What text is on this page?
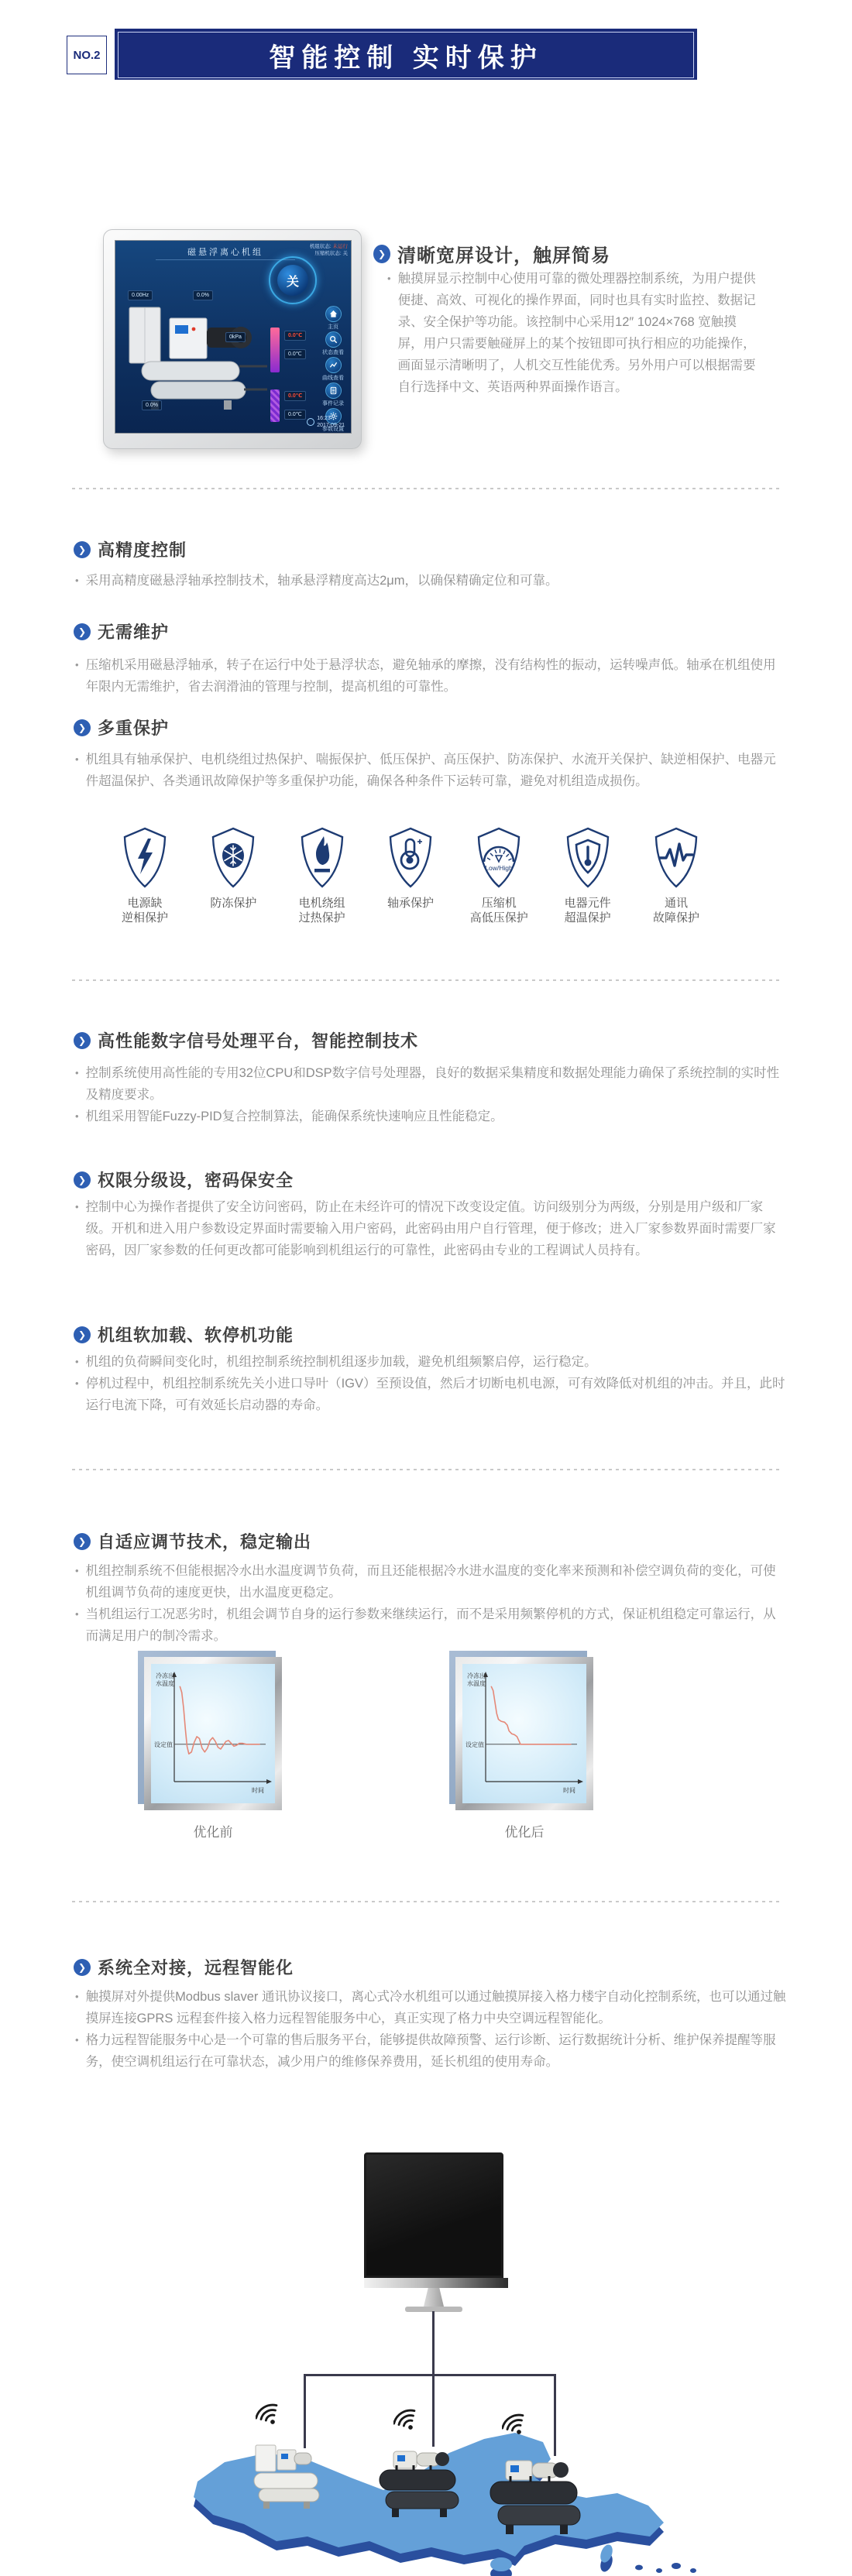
NO.2	智能控制 实时保护
磁悬浮离心机组
机组状态: 未运行
压缩机状态: 关
关
0.00Hz	0.0%
0kPa
0.0%
0.0℃
0.0℃
0.0℃
0.0℃
主页
状态查看
曲线查看
事件记录
参数设置
16:23
2017-09-21
❯ 清晰宽屏设计，触屏简易
• 触摸屏显示控制中心使用可靠的微处理器控制系统，为用户提供便捷、高效、可视化的操作界面，同时也具有实时监控、数据记录、安全保护等功能。该控制中心采用12″ 1024×768 宽触摸屏，用户只需要触碰屏上的某个按钮即可执行相应的功能操作，画面显示清晰明了，人机交互性能优秀。另外用户可以根据需要自行选择中文、英语两种界面操作语言。
❯ 高精度控制
• 采用高精度磁悬浮轴承控制技术，轴承悬浮精度高达2μm，以确保精确定位和可靠。
❯ 无需维护
• 压缩机采用磁悬浮轴承，转子在运行中处于悬浮状态，避免轴承的摩擦，没有结构性的振动，运转噪声低。轴承在机组使用年限内无需维护，省去润滑油的管理与控制，提高机组的可靠性。
❯ 多重保护
• 机组具有轴承保护、电机绕组过热保护、喘振保护、低压保护、高压保护、防冻保护、水流开关保护、缺逆相保护、电器元件超温保护、各类通讯故障保护等多重保护功能，确保各种条件下运转可靠，避免对机组造成损伤。
电源缺
逆相保护
防冻保护	电机绕组
过热保护
轴承保护
Low/High
压缩机
高低压保护
电器元件
超温保护
通讯
故障保护
❯ 高性能数字信号处理平台，智能控制技术
• 控制系统使用高性能的专用32位CPU和DSP数字信号处理器，良好的数据采集精度和数据处理能力确保了系统控制的实时性及精度要求。
• 机组采用智能Fuzzy-PID复合控制算法，能确保系统快速响应且性能稳定。
❯ 权限分级设，密码保安全
• 控制中心为操作者提供了安全访问密码，防止在未经许可的情况下改变设定值。访问级别分为两级，分别是用户级和厂家级。开机和进入用户参数设定界面时需要输入用户密码，此密码由用户自行管理，便于修改；进入厂家参数界面时需要厂家密码，因厂家参数的任何更改都可能影响到机组运行的可靠性，此密码由专业的工程调试人员持有。
❯ 机组软加载、软停机功能
• 机组的负荷瞬间变化时，机组控制系统控制机组逐步加载，避免机组频繁启停，运行稳定。
• 停机过程中，机组控制系统先关小进口导叶（IGV）至预设值，然后才切断电机电源，可有效降低对机组的冲击。并且，此时运行电流下降，可有效延长启动器的寿命。
❯ 自适应调节技术，稳定输出
• 机组控制系统不但能根据冷水出水温度调节负荷，而且还能根据冷水进水温度的变化率来预测和补偿空调负荷的变化，可使机组调节负荷的速度更快，出水温度更稳定。
• 当机组运行工况恶劣时，机组会调节自身的运行参数来继续运行，而不是采用频繁停机的方式，保证机组稳定可靠运行，从而满足用户的制冷需求。
冷冻出水温度
时间
设定值
优化前
冷冻出水温度
时间
设定值
优化后
❯ 系统全对接，远程智能化
• 触摸屏对外提供Modbus slaver 通讯协议接口，离心式冷水机组可以通过触摸屏接入格力楼宇自动化控制系统，也可以通过触摸屏连接GPRS 远程套件接入格力远程智能服务中心，真正实现了格力中央空调远程智能化。
• 格力远程智能服务中心是一个可靠的售后服务平台，能够提供故障预警、运行诊断、运行数据统计分析、维护保养提醒等服务，使空调机组运行在可靠状态，减少用户的维修保养费用，延长机组的使用寿命。
